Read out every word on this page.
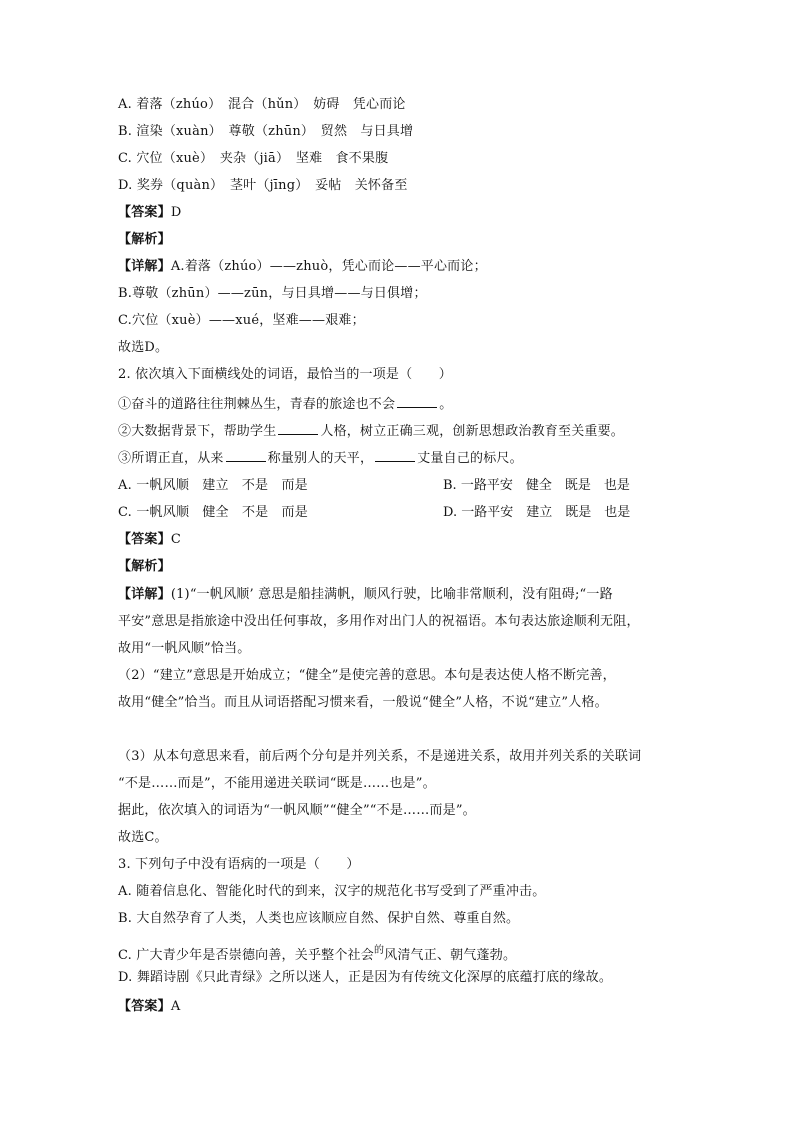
A. 着落（zhúo）　混合（hǔn）　妨碍　凭心而论
B. 渲染（xuàn）　尊敬（zhūn）　贸然　与日具增
C. 穴位（xuè）　夹杂（jiā）　坚难　食不果腹
D. 奖券（quàn）　茎叶（jīng）　妥帖　关怀备至
【答案】D
【解析】
【详解】A.着落（zhúo）——zhuò，凭心而论——平心而论；
B.尊敬（zhūn）——zūn，与日具增——与日俱增；
C.穴位（xuè）——xué，坚难——艰难；
故选D。
2. 依次填入下面横线处的词语，最恰当的一项是（　　）
①奋斗的道路往往荆棘丛生，青春的旅途也不会	。
②大数据背景下，帮助学生	人格，树立正确三观，创新思想政治教育至关重要。
③所谓正直，从来	称量别人的天平，	丈量自己的标尺。
A. 一帆风顺　建立　不是　而是	B. 一路平安　健全　既是　也是
C. 一帆风顺　健全　不是　而是	D. 一路平安　建立　既是　也是
【答案】C
【解析】
【详解】(1)“一帆风顺’ 意思是船挂满帆，顺风行驶，比喻非常顺利，没有阻碍;“一路
平安”意思是指旅途中没出任何事故，多用作对出门人的祝福语。本句表达旅途顺利无阻，
故用“一帆风顺”恰当。
（2）“建立”意思是开始成立；“健全”是使完善的意思。本句是表达使人格不断完善，
故用“健全”恰当。而且从词语搭配习惯来看，一般说“健全”人格，不说“建立”人格。
（3）从本句意思来看，前后两个分句是并列关系，不是递进关系，故用并列关系的关联词
“不是……而是”，不能用递进关联词“既是……也是”。
据此，依次填入的词语为“一帆风顺”“健全”“不是……而是”。
故选C。
3. 下列句子中没有语病的一项是（　　）
A. 随着信息化、智能化时代的到来，汉字的规范化书写受到了严重冲击。
B. 大自然孕育了人类，人类也应该顺应自然、保护自然、尊重自然。
C. 广大青少年是否崇德向善，关乎整个社会$^的$风清气正、朝气蓬勃。
D. 舞蹈诗剧《只此青绿》之所以迷人，正是因为有传统文化深厚的底蕴打底的缘故。
【答案】A
